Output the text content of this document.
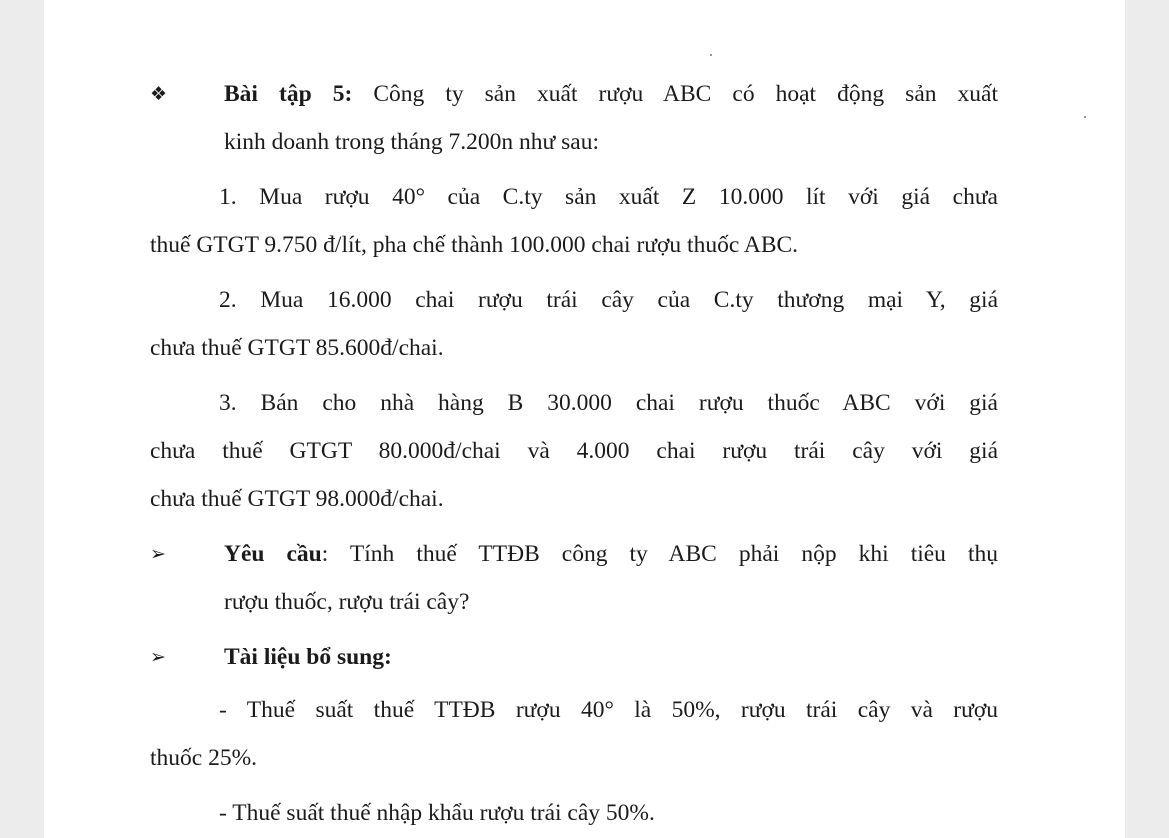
❖	Bài tập 5: Công ty sản xuất rượu ABC có hoạt động sản xuất
kinh doanh trong tháng 7.200n như sau:
1. Mua rượu 40° của C.ty sản xuất Z 10.000 lít với giá chưa
thuế GTGT 9.750 đ/lít, pha chế thành 100.000 chai rượu thuốc ABC.
2. Mua 16.000 chai rượu trái cây của C.ty thương mại Y, giá
chưa thuế GTGT 85.600đ/chai.
3. Bán cho nhà hàng B 30.000 chai rượu thuốc ABC với giá
chưa thuế GTGT 80.000đ/chai và 4.000 chai rượu trái cây với giá
chưa thuế GTGT 98.000đ/chai.
➢	Yêu cầu: Tính thuế TTĐB công ty ABC phải nộp khi tiêu thụ
rượu thuốc, rượu trái cây?
➢	Tài liệu bổ sung:
- Thuế suất thuế TTĐB rượu 40° là 50%, rượu trái cây và rượu
thuốc 25%.
- Thuế suất thuế nhập khẩu rượu trái cây 50%.
